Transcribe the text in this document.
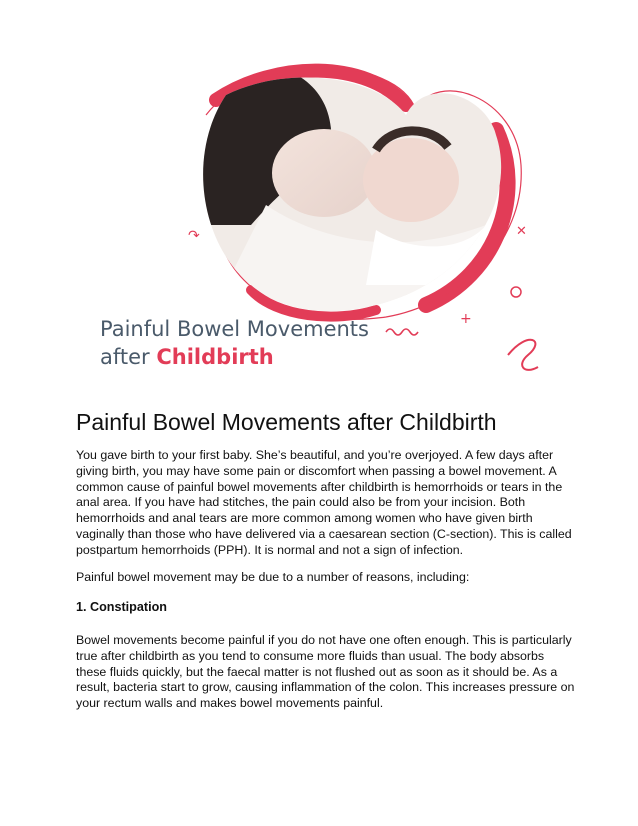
↷	✕
+
Painful Bowel Movements
after Childbirth
Painful Bowel Movements after Childbirth

You gave birth to your first baby. She’s beautiful, and you’re overjoyed. A few days after giving birth, you may have some pain or discomfort when passing a bowel movement. A common cause of painful bowel movements after childbirth is hemorrhoids or tears in the anal area. If you have had stitches, the pain could also be from your incision. Both hemorrhoids and anal tears are more common among women who have given birth vaginally than those who have delivered via a caesarean section (C-section). This is called postpartum hemorrhoids (PPH). It is normal and not a sign of infection.

Painful bowel movement may be due to a number of reasons, including:

1. Constipation

Bowel movements become painful if you do not have one often enough. This is particularly true after childbirth as you tend to consume more fluids than usual. The body absorbs these fluids quickly, but the faecal matter is not flushed out as soon as it should be. As a result, bacteria start to grow, causing inflammation of the colon. This increases pressure on your rectum walls and makes bowel movements painful.
